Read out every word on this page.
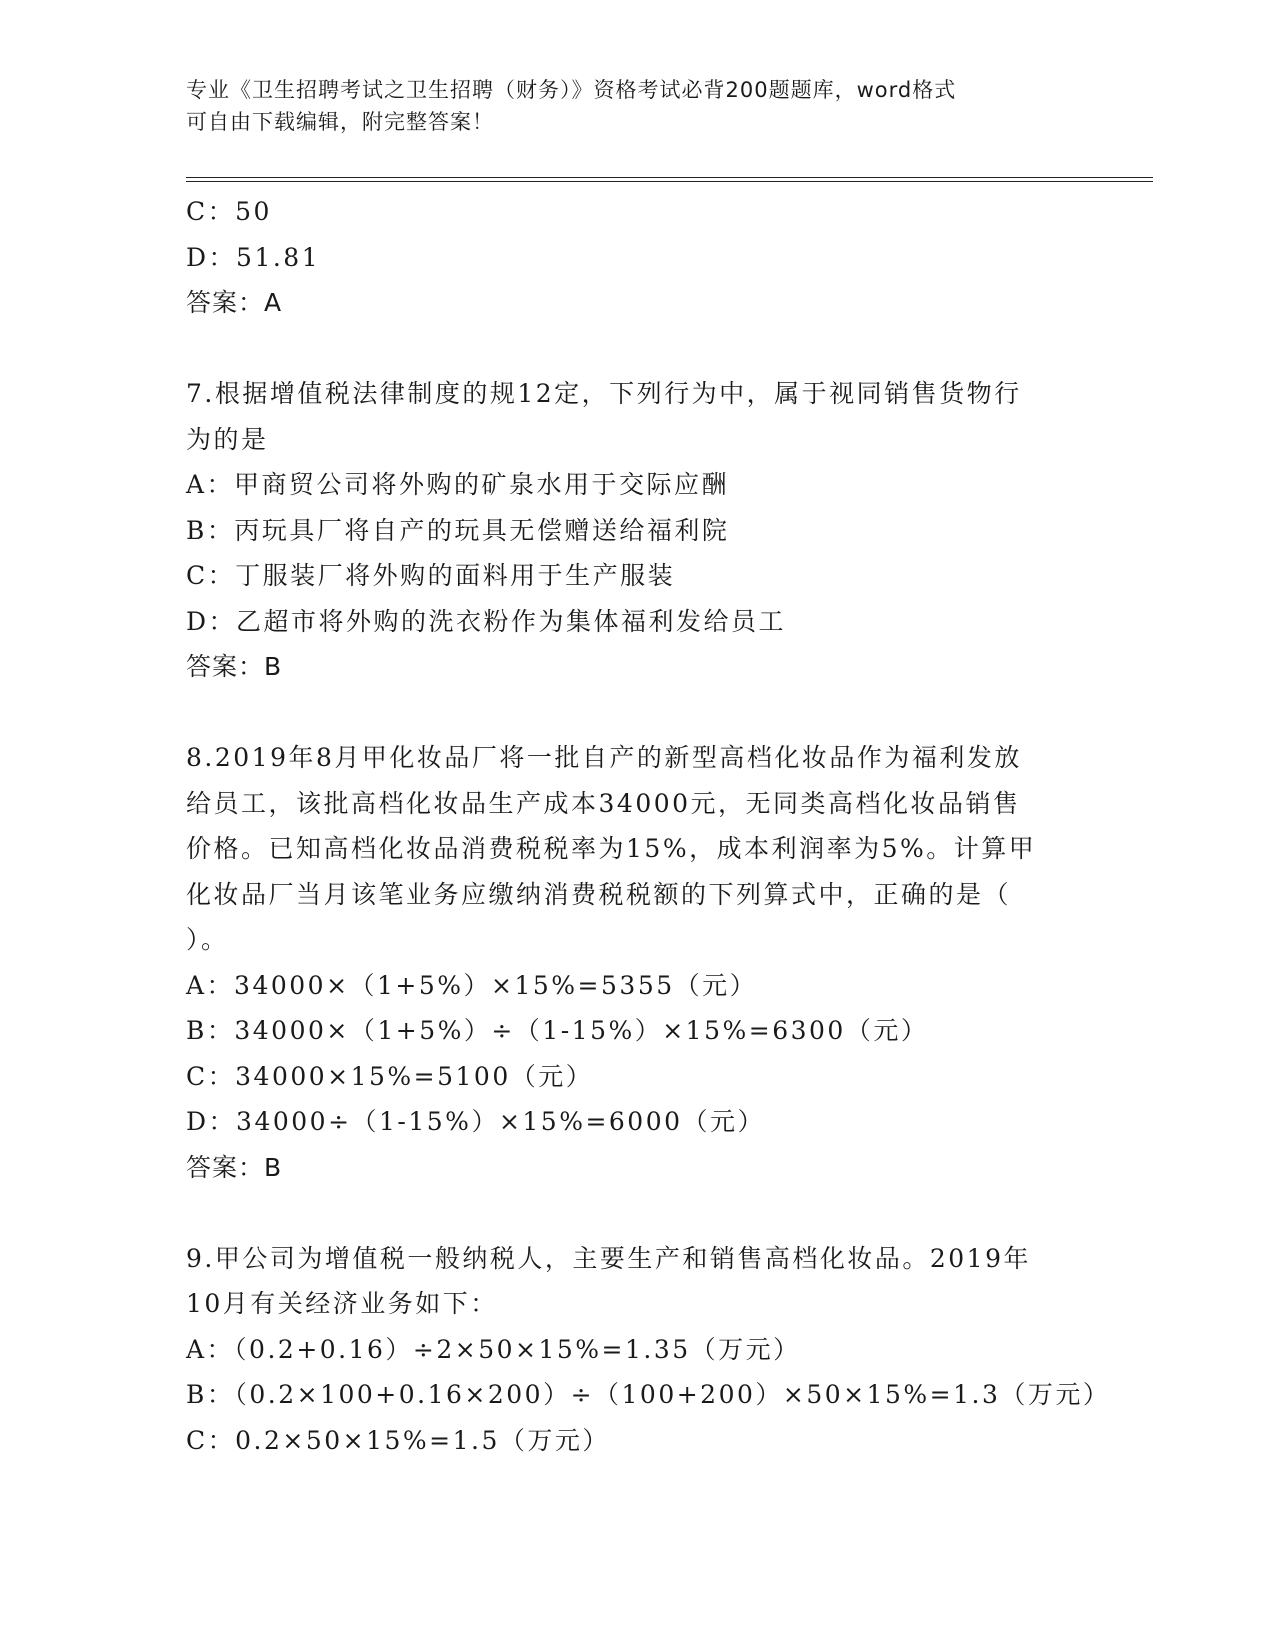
专业《卫生招聘考试之卫生招聘（财务）》资格考试必背200题题库，word格式
可自由下载编辑，附完整答案！
C：50
D：51.81
答案：A
7.根据增值税法律制度的规12定，下列行为中，属于视同销售货物行
为的是
A：甲商贸公司将外购的矿泉水用于交际应酬
B：丙玩具厂将自产的玩具无偿赠送给福利院
C：丁服装厂将外购的面料用于生产服装
D：乙超市将外购的洗衣粉作为集体福利发给员工
答案：B
8.2019年8月甲化妆品厂将一批自产的新型高档化妆品作为福利发放
给员工，该批高档化妆品生产成本34000元，无同类高档化妆品销售
价格。已知高档化妆品消费税税率为15%，成本利润率为5%。计算甲
化妆品厂当月该笔业务应缴纳消费税税额的下列算式中，正确的是（
）。
A：34000×（1+5%）×15%=5355（元）
B：34000×（1+5%）÷（1-15%）×15%=6300（元）
C：34000×15%=5100（元）
D：34000÷（1-15%）×15%=6000（元）
答案：B
9.甲公司为增值税一般纳税人，主要生产和销售高档化妆品。2019年
10月有关经济业务如下：
A：（0.2+0.16）÷2×50×15%=1.35（万元）
B：（0.2×100+0.16×200）÷（100+200）×50×15%=1.3（万元）
C：0.2×50×15%=1.5（万元）
